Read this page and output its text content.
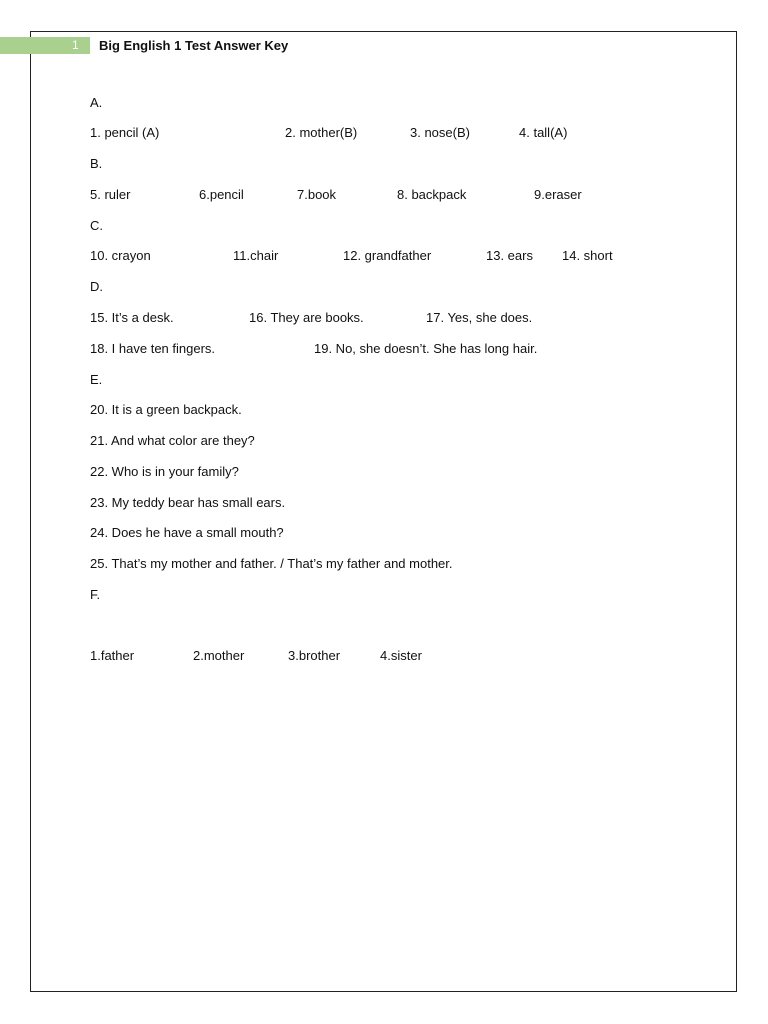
1 Big English 1 Test Answer Key
A.
1. pencil (A)	2. mother(B)	3. nose(B)	4. tall(A)
B.
5. ruler	6.pencil	7.book	8. backpack	9.eraser
C.
10. crayon	11.chair	12. grandfather	13. ears 14. short
D.
15. It’s a desk.	16. They are books.	17. Yes, she does.
18. I have ten fingers.	19. No, she doesn’t. She has long hair.
E.
20. It is a green backpack.
21. And what color are they?
22. Who is in your family?
23. My teddy bear has small ears.
24. Does he have a small mouth?
25. That’s my mother and father. / That’s my father and mother.
F.
1.father	2.mother	3.brother	4.sister
